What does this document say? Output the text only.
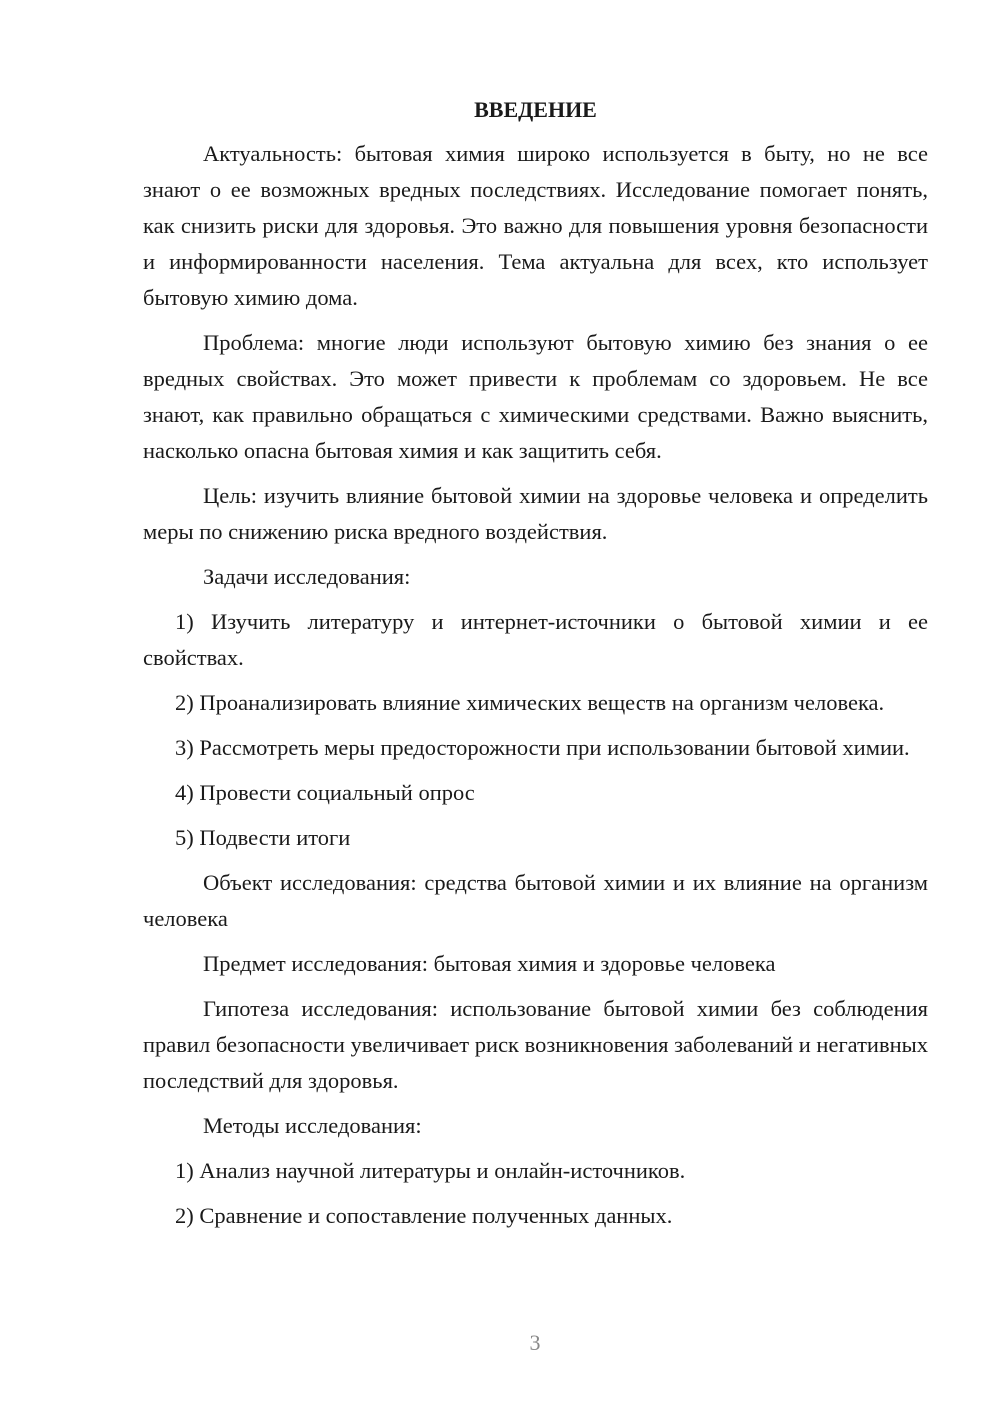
ВВЕДЕНИЕ

Актуальность: бытовая химия широко используется в быту, но не все знают о ее возможных вредных последствиях. Исследование помогает понять, как снизить риски для здоровья. Это важно для повышения уровня безопасности и информированности населения. Тема актуальна для всех, кто использует бытовую химию дома.

Проблема: многие люди используют бытовую химию без знания о ее вредных свойствах. Это может привести к проблемам со здоровьем. Не все знают, как правильно обращаться с химическими средствами. Важно выяснить, насколько опасна бытовая химия и как защитить себя.

Цель: изучить влияние бытовой химии на здоровье человека и определить меры по снижению риска вредного воздействия.

Задачи исследования:

1) Изучить литературу и интернет-источники о бытовой химии и ее свойствах.

2) Проанализировать влияние химических веществ на организм человека.

3) Рассмотреть меры предосторожности при использовании бытовой химии.

4) Провести социальный опрос

5) Подвести итоги

Объект исследования: средства бытовой химии и их влияние на организм человека

Предмет исследования: бытовая химия и здоровье человека

Гипотеза исследования: использование бытовой химии без соблюдения правил безопасности увеличивает риск возникновения заболеваний и негативных последствий для здоровья.

Методы исследования:

1) Анализ научной литературы и онлайн-источников.

2) Сравнение и сопоставление полученных данных.

3
